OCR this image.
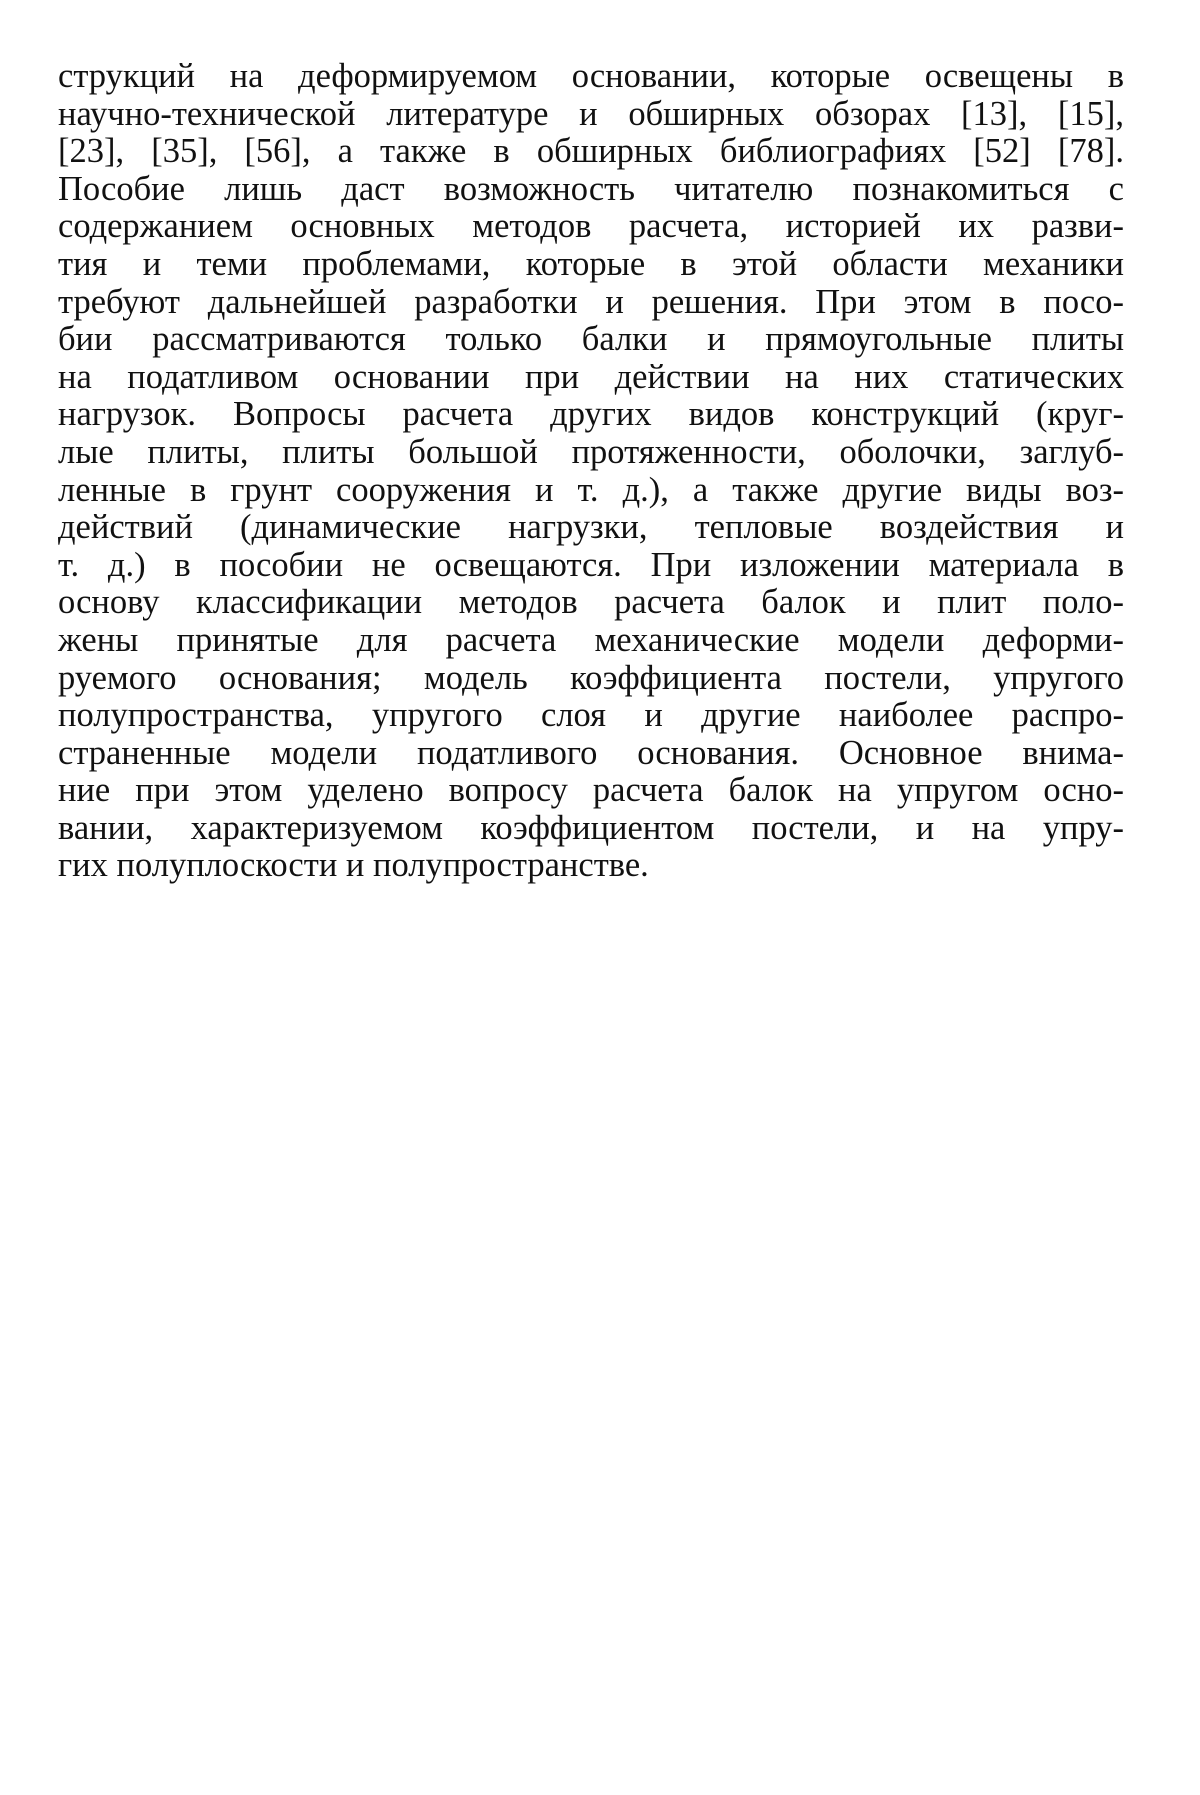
струкций на деформируемом основании, которые освещены в
научно-технической литературе и обширных обзорах [13], [15],
[23], [35], [56], а также в обширных библиографиях [52] [78].
Пособие лишь даст возможность читателю познакомиться с
содержанием основных методов расчета, историей их разви-
тия и теми проблемами, которые в этой области механики
требуют дальнейшей разработки и решения. При этом в посо-
бии рассматриваются только балки и прямоугольные плиты
на податливом основании при действии на них статических
нагрузок. Вопросы расчета других видов конструкций (круг-
лые плиты, плиты большой протяженности, оболочки, заглуб-
ленные в грунт сооружения и т. д.), а также другие виды воз-
действий (динамические нагрузки, тепловые воздействия и
т. д.) в пособии не освещаются. При изложении материала в
основу классификации методов расчета балок и плит поло-
жены принятые для расчета механические модели деформи-
руемого основания; модель коэффициента постели, упругого
полупространства, упругого слоя и другие наиболее распро-
страненные модели податливого основания. Основное внима-
ние при этом уделено вопросу расчета балок на упругом осно-
вании, характеризуемом коэффициентом постели, и на упру-
гих полуплоскости и полупространстве.
